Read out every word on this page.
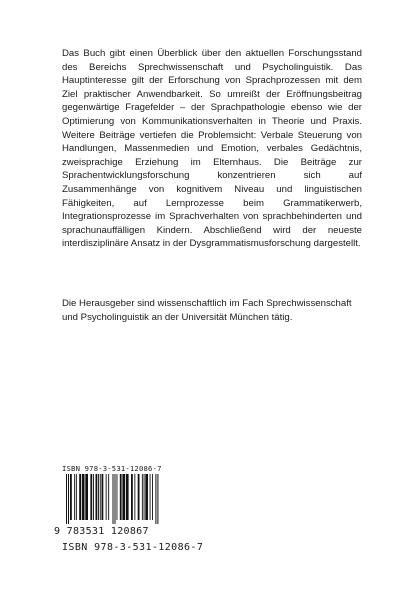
Das Buch gibt einen Überblick über den aktuellen Forschungsstand des Bereichs Sprechwissenschaft und Psycholinguistik. Das Hauptinteresse gilt der Erforschung von Sprachprozessen mit dem Ziel praktischer Anwendbarkeit. So umreißt der Eröffnungsbeitrag gegenwärtige Fragefelder – der Sprachpathologie ebenso wie der Optimierung von Kommunikationsverhalten in Theorie und Praxis. Weitere Beiträge vertiefen die Problemsicht: Verbale Steuerung von Handlungen, Massenmedien und Emotion, verbales Gedächtnis, zweisprachige Erziehung im Elternhaus. Die Beiträge zur Sprachentwicklungsforschung konzentrieren sich auf Zusammenhänge von kognitivem Niveau und linguistischen Fähigkeiten, auf Lernprozesse beim Grammatikerwerb, Integrationsprozesse im Sprachverhalten von sprachbehinderten und sprachunauffälligen Kindern. Abschließend wird der neueste interdisziplinäre Ansatz in der Dysgrammatismusforschung dargestellt.

Die Herausgeber sind wissenschaftlich im Fach Sprechwissenschaft und Psycholinguistik an der Universität München tätig.

ISBN 978-3-531-12086-7

9 783531 120867

ISBN 978-3-531-12086-7
